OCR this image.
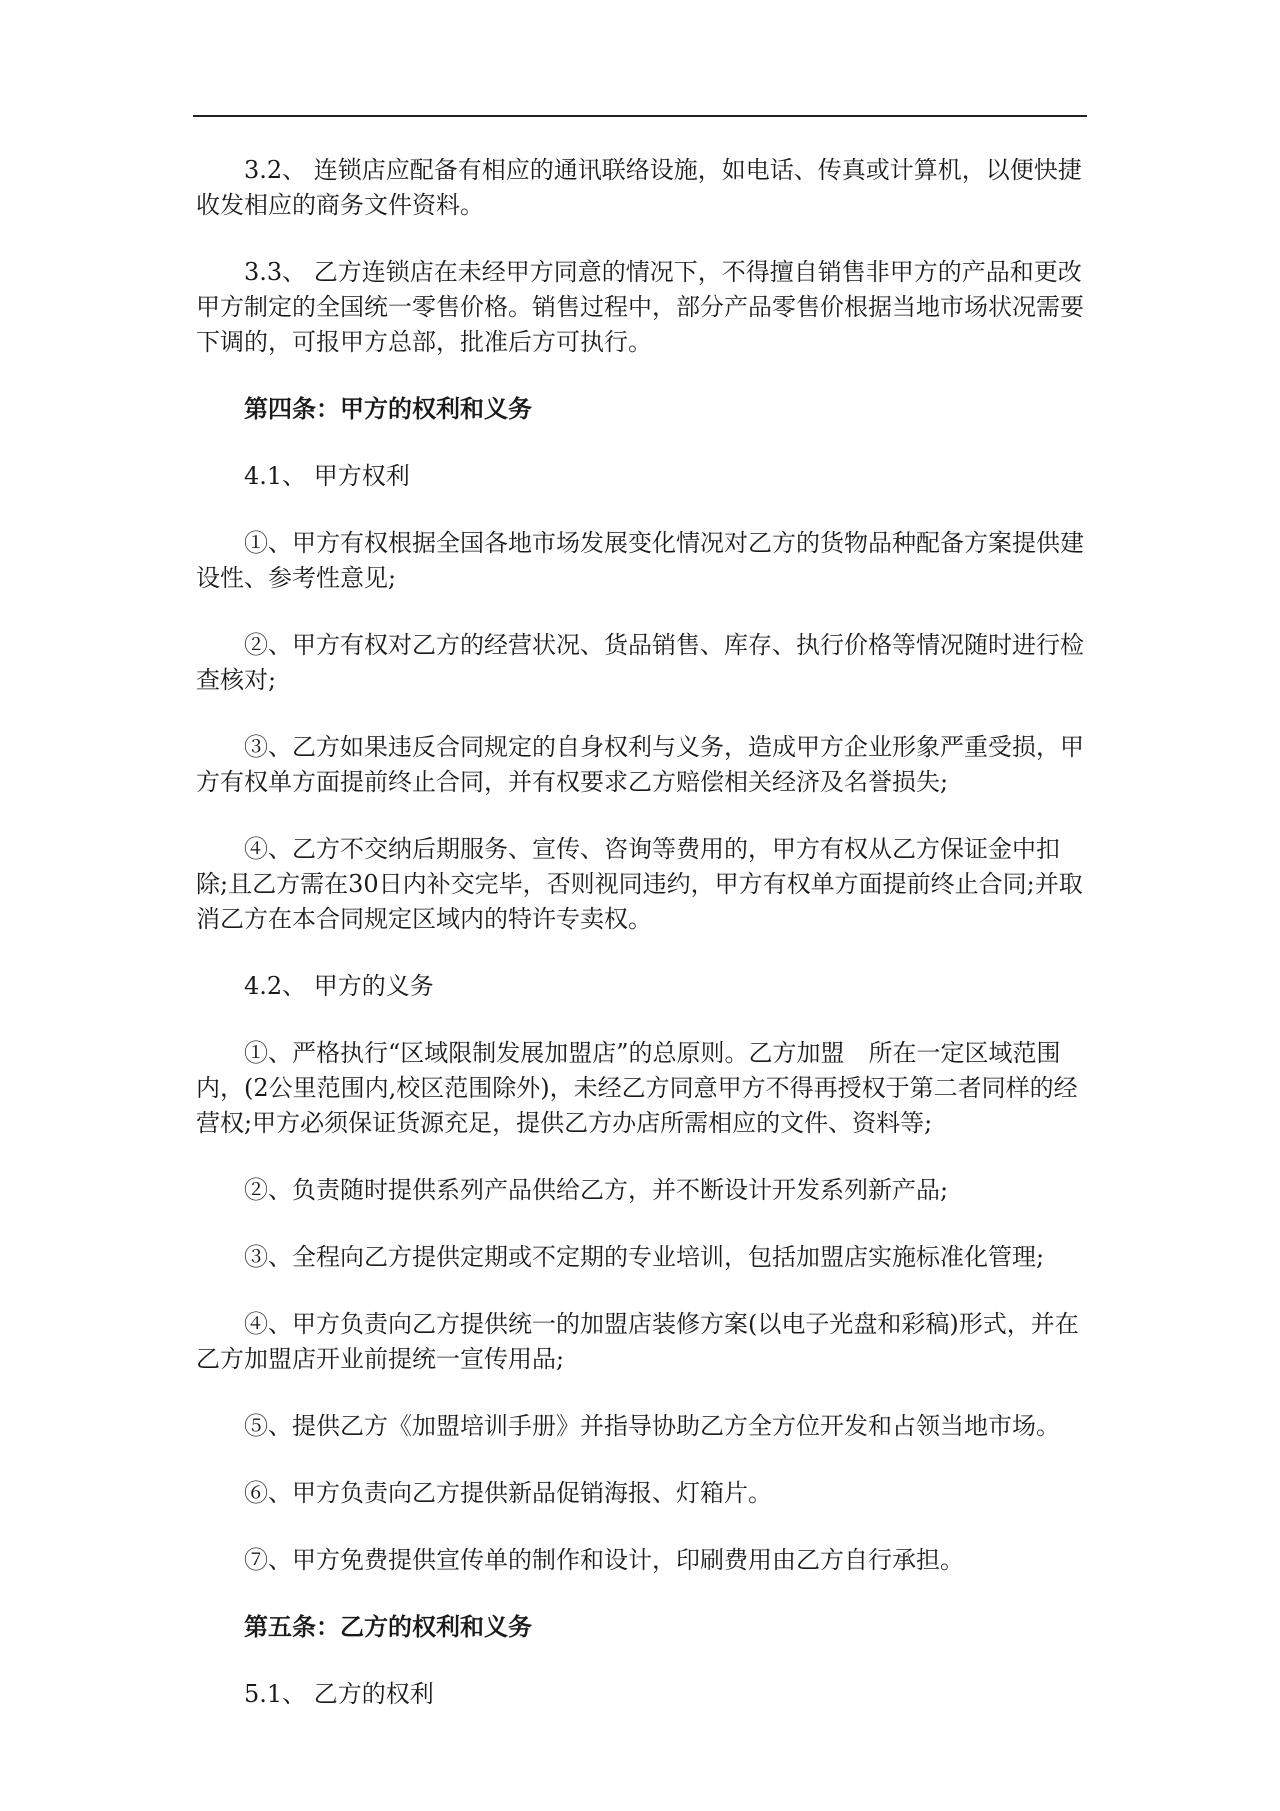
3.2、 连锁店应配备有相应的通讯联络设施，如电话、传真或计算机，以便快捷收发相应的商务文件资料。

3.3、 乙方连锁店在未经甲方同意的情况下，不得擅自销售非甲方的产品和更改甲方制定的全国统一零售价格。销售过程中，部分产品零售价根据当地市场状况需要下调的，可报甲方总部，批准后方可执行。

第四条：甲方的权利和义务

4.1、 甲方权利

①、甲方有权根据全国各地市场发展变化情况对乙方的货物品种配备方案提供建设性、参考性意见;

②、甲方有权对乙方的经营状况、货品销售、库存、执行价格等情况随时进行检查核对;

③、乙方如果违反合同规定的自身权利与义务，造成甲方企业形象严重受损，甲方有权单方面提前终止合同，并有权要求乙方赔偿相关经济及名誉损失;

④、乙方不交纳后期服务、宣传、咨询等费用的，甲方有权从乙方保证金中扣除;且乙方需在30日内补交完毕，否则视同违约，甲方有权单方面提前终止合同;并取消乙方在本合同规定区域内的特许专卖权。

4.2、 甲方的义务

①、严格执行“区域限制发展加盟店”的总原则。乙方加盟　所在一定区域范围内，(2公里范围内,校区范围除外)，未经乙方同意甲方不得再授权于第二者同样的经营权;甲方必须保证货源充足，提供乙方办店所需相应的文件、资料等;

②、负责随时提供系列产品供给乙方，并不断设计开发系列新产品;

③、全程向乙方提供定期或不定期的专业培训，包括加盟店实施标准化管理;

④、甲方负责向乙方提供统一的加盟店装修方案(以电子光盘和彩稿)形式，并在乙方加盟店开业前提统一宣传用品;

⑤、提供乙方《加盟培训手册》并指导协助乙方全方位开发和占领当地市场。

⑥、甲方负责向乙方提供新品促销海报、灯箱片。

⑦、甲方免费提供宣传单的制作和设计，印刷费用由乙方自行承担。

第五条：乙方的权利和义务

5.1、 乙方的权利
